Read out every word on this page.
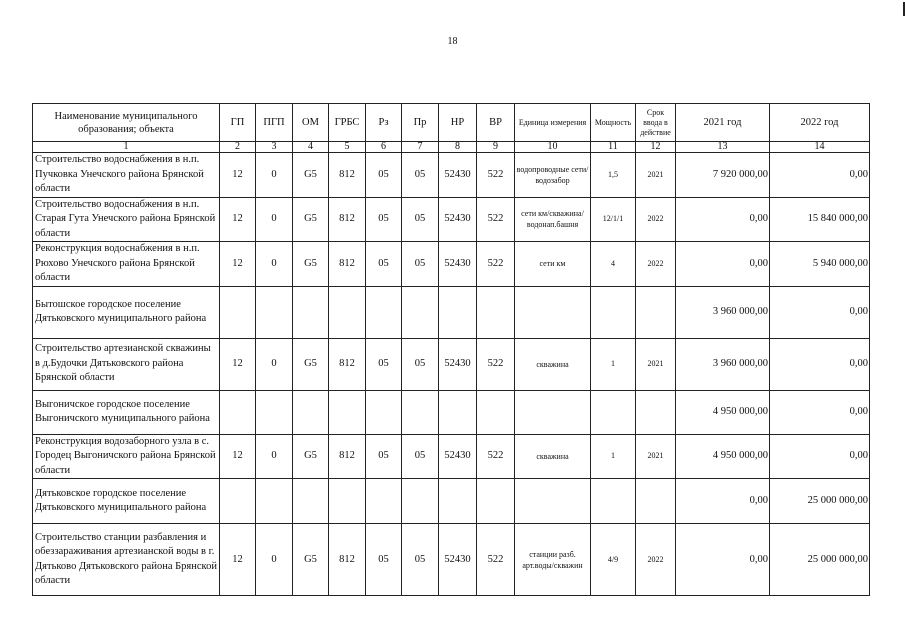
18
Наименование муниципального образования; объекта	ГП	ПГП	ОМ	ГРБС	Рз	Пр	НР	ВР	Единица измерения	Мощность	Срок ввода в действие	2021 год	2022 год
1	2	3	4	5	6	7	8	9	10	11	12	13	14
Строительство водоснабжения в н.п. Пучковка Унечского района Брянской области	12	0	G5	812	05	05	52430	522	водопроводные сети/водозабор	1,5	2021	7 920 000,00	0,00
Строительство водоснабжения в н.п. Старая Гута Унечского района Брянской области	12	0	G5	812	05	05	52430	522	сети км/скважина/водонап.башня	12/1/1	2022	0,00	15 840 000,00
Реконструкция водоснабжения в н.п. Рюхово Унечского района Брянской области	12	0	G5	812	05	05	52430	522	сети км	4	2022	0,00	5 940 000,00
Бытошское городское поселение Дятьковского муниципального района												3 960 000,00	0,00
Строительство артезианской скважины в д.Будочки Дятьковского района Брянской области	12	0	G5	812	05	05	52430	522	скважина	1	2021	3 960 000,00	0,00
Выгоничское городское поселение Выгоничского муниципального района												4 950 000,00	0,00
Реконструкция водозаборного узла в с. Городец Выгоничского района Брянской области	12	0	G5	812	05	05	52430	522	скважина	1	2021	4 950 000,00	0,00
Дятьковское городское поселение Дятьковского муниципального района												0,00	25 000 000,00
Строительство станции разбавления и обеззараживания артезианской воды в г. Дятьково Дятьковского района Брянской области	12	0	G5	812	05	05	52430	522	станции разб. арт.воды/скважин	4/9	2022	0,00	25 000 000,00
